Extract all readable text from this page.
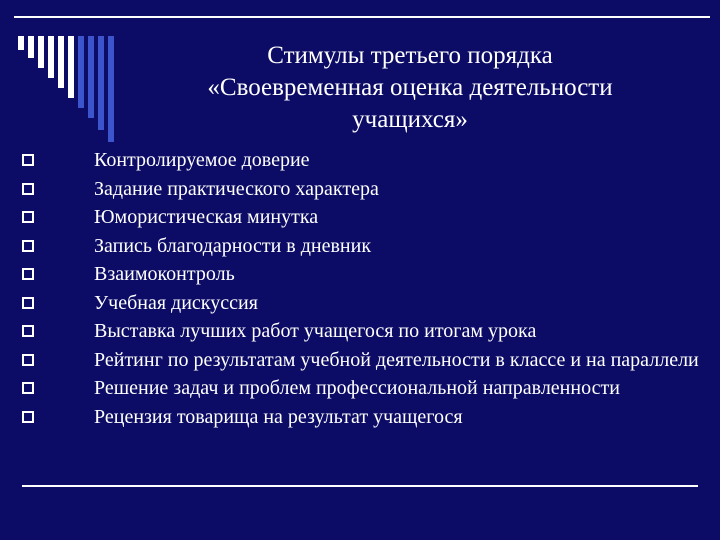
Стимулы третьего порядка
«Своевременная оценка деятельности
учащихся»
Контролируемое доверие
Задание практического характера
Юмористическая минутка
Запись благодарности в дневник
Взаимоконтроль
Учебная дискуссия
Выставка лучших работ учащегося по итогам урока
Рейтинг по результатам учебной деятельности в классе и на параллели
Решение задач и проблем профессиональной направленности
Рецензия товарища на результат учащегося
